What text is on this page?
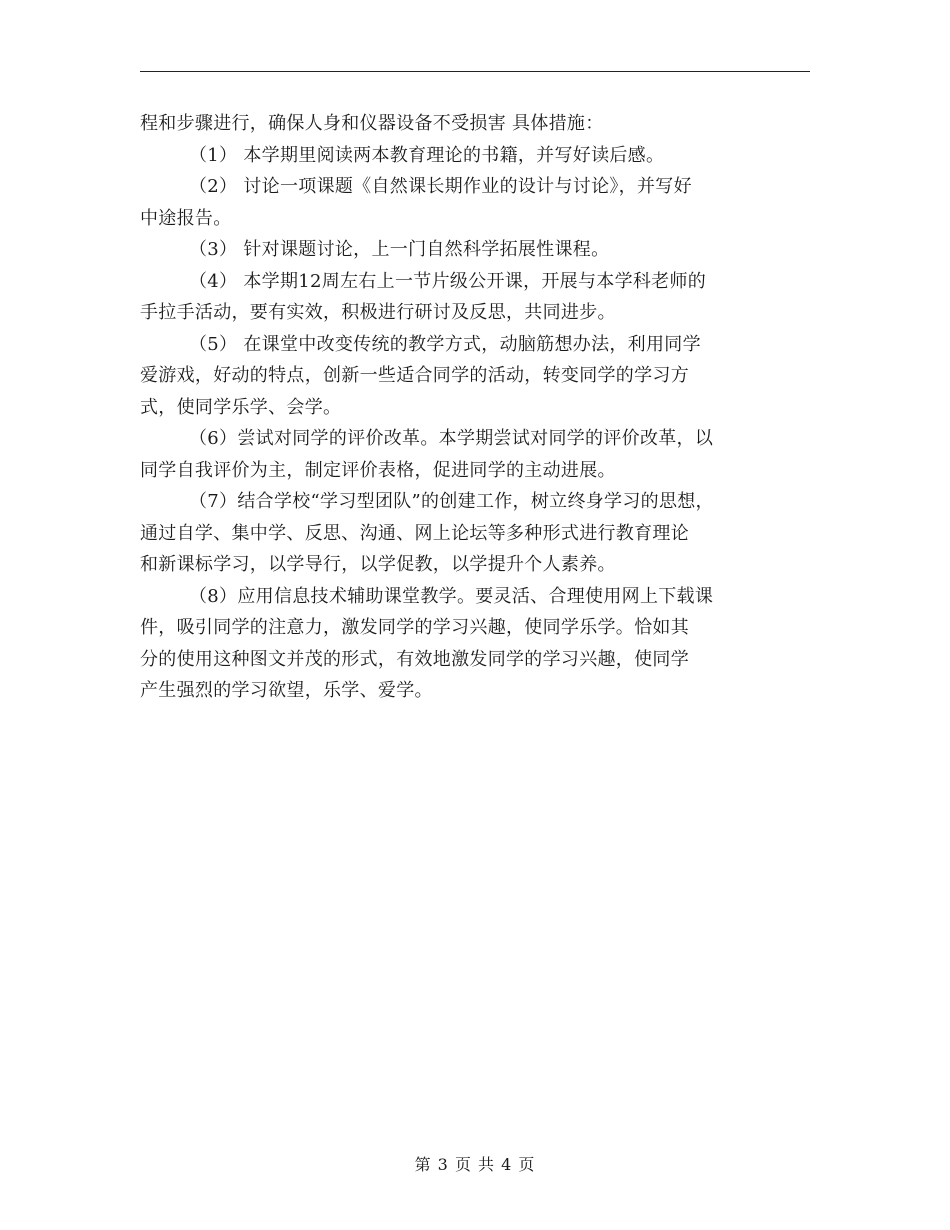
程和步骤进行，确保人身和仪器设备不受损害 具体措施：
（1） 本学期里阅读两本教育理论的书籍，并写好读后感。
（2） 讨论一项课题《自然课长期作业的设计与讨论》，并写好
中途报告。
（3） 针对课题讨论，上一门自然科学拓展性课程。
（4） 本学期12周左右上一节片级公开课，开展与本学科老师的
手拉手活动，要有实效，积极进行研讨及反思，共同进步。
（5） 在课堂中改变传统的教学方式，动脑筋想办法，利用同学
爱游戏，好动的特点，创新一些适合同学的活动，转变同学的学习方
式，使同学乐学、会学。
（6）尝试对同学的评价改革。本学期尝试对同学的评价改革，以
同学自我评价为主，制定评价表格，促进同学的主动进展。
（7）结合学校“学习型团队”的创建工作，树立终身学习的思想，
通过自学、集中学、反思、沟通、网上论坛等多种形式进行教育理论
和新课标学习，以学导行，以学促教，以学提升个人素养。
（8）应用信息技术辅助课堂教学。要灵活、合理使用网上下载课
件，吸引同学的注意力，激发同学的学习兴趣，使同学乐学。恰如其
分的使用这种图文并茂的形式，有效地激发同学的学习兴趣，使同学
产生强烈的学习欲望，乐学、爱学。
第 3 页 共 4 页
